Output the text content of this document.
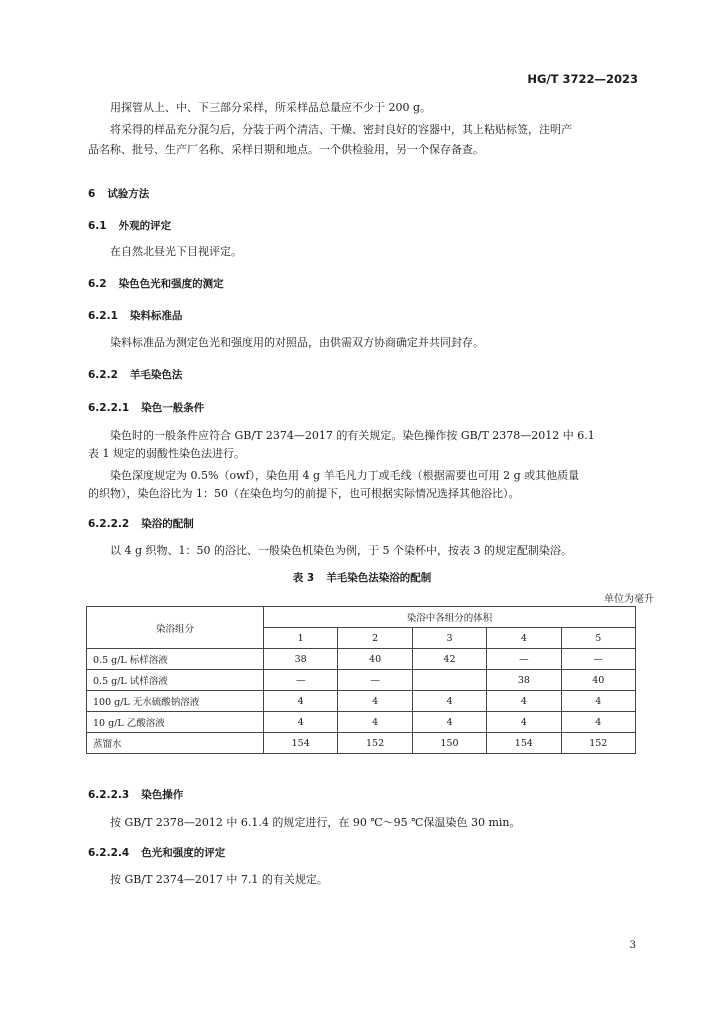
HG/T 3722—2023
用探管从上、中、下三部分采样，所采样品总量应不少于 200 g。
将采得的样品充分混匀后，分装于两个清洁、干燥、密封良好的容器中，其上粘贴标签，注明产
品名称、批号、生产厂名称、采样日期和地点。一个供检验用，另一个保存备查。
6 试验方法
6.1 外观的评定
在自然北昼光下目视评定。
6.2 染色色光和强度的测定
6.2.1 染料标准品
染料标准品为测定色光和强度用的对照品，由供需双方协商确定并共同封存。
6.2.2 羊毛染色法
6.2.2.1 染色一般条件
染色时的一般条件应符合 GB/T 2374—2017 的有关规定。染色操作按 GB/T 2378—2012 中 6.1
表 1 规定的弱酸性染色法进行。
染色深度规定为 0.5%（owf），染色用 4 g 羊毛凡力丁或毛线（根据需要也可用 2 g 或其他质量
的织物），染色浴比为 1：50（在染色均匀的前提下，也可根据实际情况选择其他浴比）。
6.2.2.2 染浴的配制
以 4 g 织物、1：50 的浴比、一般染色机染色为例，于 5 个染杯中，按表 3 的规定配制染浴。
表 3 羊毛染色法染浴的配制
单位为毫升
染浴组分	染浴中各组分的体积				
	1	2	3	4	5
0.5 g/L 标样溶液	38	40	42	—	—
0.5 g/L 试样溶液	—	—		38	40
100 g/L 无水硫酸钠溶液	4	4	4	4	4
10 g/L 乙酸溶液	4	4	4	4	4
蒸馏水	154	152	150	154	152
6.2.2.3 染色操作
按 GB/T 2378—2012 中 6.1.4 的规定进行，在 90 ℃～95 ℃保温染色 30 min。
6.2.2.4 色光和强度的评定
按 GB/T 2374—2017 中 7.1 的有关规定。
3
